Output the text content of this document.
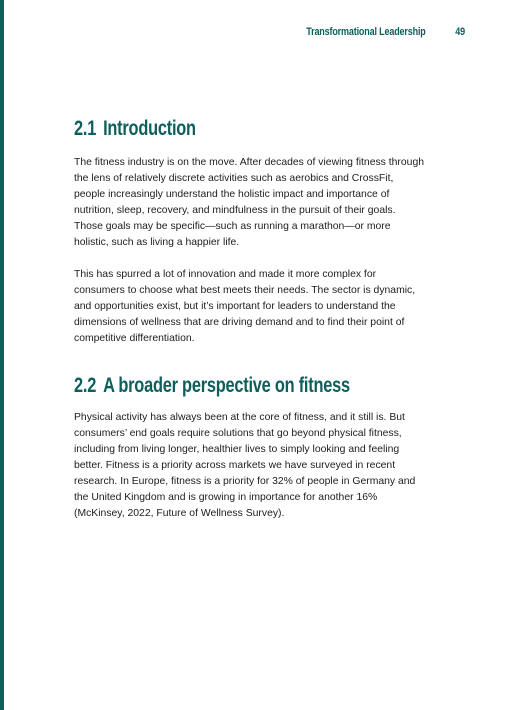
Transformational Leadership	49
2.1 Introduction

The fitness industry is on the move. After decades of viewing fitness through the lens of relatively discrete activities such as aerobics and CrossFit, people increasingly understand the holistic impact and importance of nutrition, sleep, recovery, and mindfulness in the pursuit of their goals. Those goals may be specific—such as running a marathon—or more holistic, such as living a happier life.

This has spurred a lot of innovation and made it more complex for consumers to choose what best meets their needs. The sector is dynamic, and opportunities exist, but it’s important for leaders to understand the dimensions of wellness that are driving demand and to find their point of competitive differentiation.

2.2 A broader perspective on fitness

Physical activity has always been at the core of fitness, and it still is. But consumers’ end goals require solutions that go beyond physical fitness, including from living longer, healthier lives to simply looking and feeling better. Fitness is a priority across markets we have surveyed in recent research. In Europe, fitness is a priority for 32% of people in Germany and the United Kingdom and is growing in importance for another 16% (McKinsey, 2022, Future of Wellness Survey).
